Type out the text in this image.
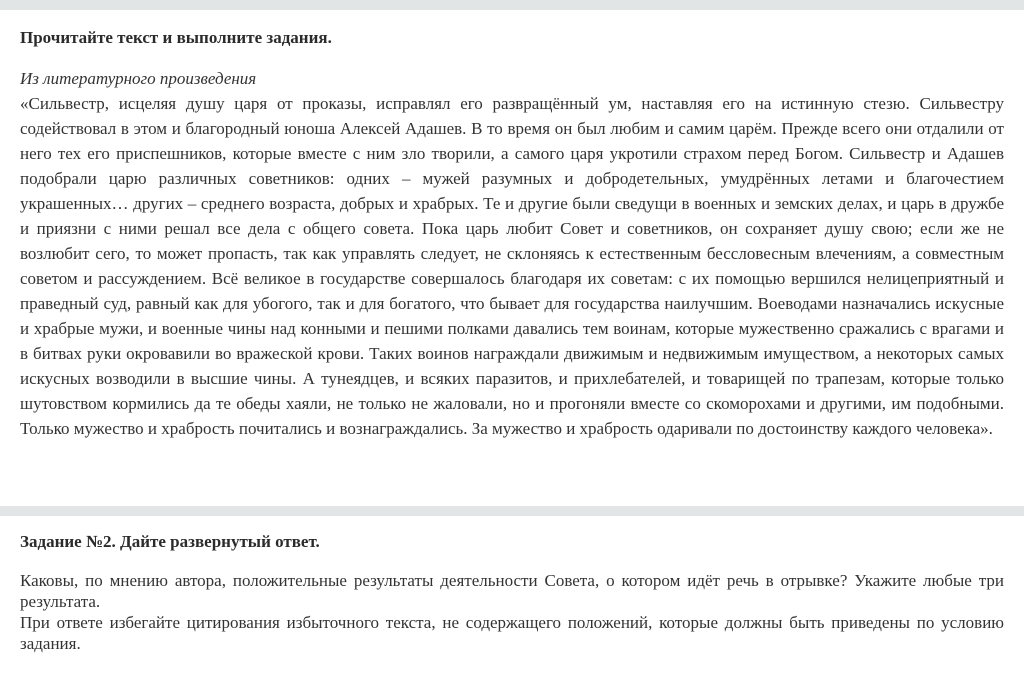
Прочитайте текст и выполните задания.

Из литературного произведения

«Сильвестр, исцеляя душу царя от проказы, исправлял его развращённый ум, наставляя его на истинную стезю. Сильвестру содействовал в этом и благородный юноша Алексей Адашев. В то время он был любим и самим царём. Прежде всего они отдалили от него тех его приспешников, которые вместе с ним зло творили, а самого царя укротили страхом перед Богом. Сильвестр и Адашев подобрали царю различных советников: одних – мужей разумных и добродетельных, умудрённых летами и благочестием украшенных… других – среднего возраста, добрых и храбрых. Те и другие были сведущи в военных и земских делах, и царь в дружбе и приязни с ними решал все дела с общего совета. Пока царь любит Совет и советников, он сохраняет душу свою; если же не возлюбит сего, то может пропасть, так как управлять следует, не склоняясь к естественным бессловесным влечениям, а совместным советом и рассуждением. Всё великое в государстве совершалось благодаря их советам: с их помощью вершился нелицеприятный и праведный суд, равный как для убогого, так и для богатого, что бывает для государства наилучшим. Воеводами назначались искусные и храбрые мужи, и военные чины над конными и пешими полками давались тем воинам, которые мужественно сражались с врагами и в битвах руки окровавили во вражеской крови. Таких воинов награждали движимым и недвижимым имуществом, а некоторых самых искусных возводили в высшие чины. А тунеядцев, и всяких паразитов, и прихлебателей, и товарищей по трапезам, которые только шутовством кормились да те обеды хаяли, не только не жаловали, но и прогоняли вместе со скоморохами и другими, им подобными. Только мужество и храбрость почитались и вознаграждались. За мужество и храбрость одаривали по достоинству каждого человека».

Задание №2. Дайте развернутый ответ.

Каковы, по мнению автора, положительные результаты деятельности Совета, о котором идёт речь в отрывке? Укажите любые три результата.

При ответе избегайте цитирования избыточного текста, не содержащего положений, которые должны быть приведены по условию задания.
